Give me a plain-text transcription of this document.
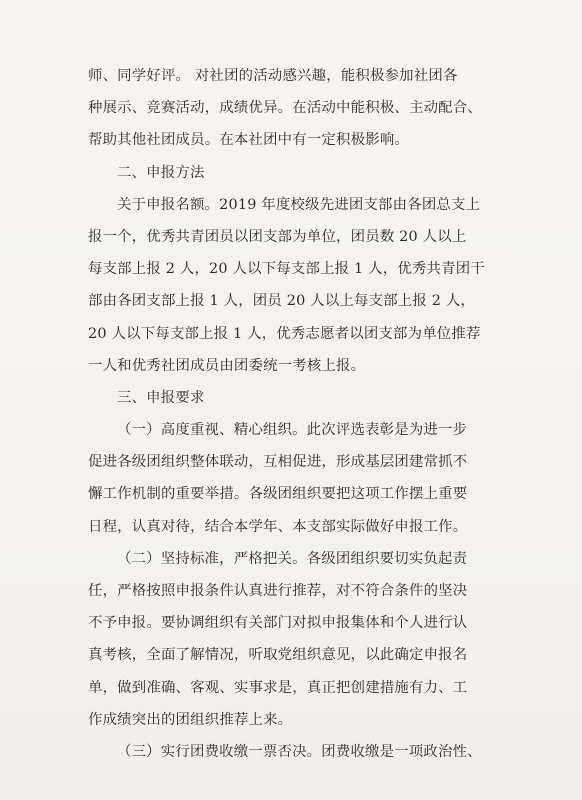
师、同学好评。 对社团的活动感兴趣，能积极参加社团各
种展示、竞赛活动，成绩优异。在活动中能积极、主动配合、
帮助其他社团成员。在本社团中有一定积极影响。
二、申报方法
关于申报名额。2019 年度校级先进团支部由各团总支上
报一个，优秀共青团员以团支部为单位，团员数 20 人以上
每支部上报 2 人，20 人以下每支部上报 1 人，优秀共青团干
部由各团支部上报 1 人，团员 20 人以上每支部上报 2 人，
20 人以下每支部上报 1 人，优秀志愿者以团支部为单位推荐
一人和优秀社团成员由团委统一考核上报。
三、申报要求
（一）高度重视、精心组织。此次评选表彰是为进一步
促进各级团组织整体联动，互相促进，形成基层团建常抓不
懈工作机制的重要举措。各级团组织要把这项工作摆上重要
日程，认真对待，结合本学年、本支部实际做好申报工作。
（二）坚持标准，严格把关。各级团组织要切实负起责
任，严格按照申报条件认真进行推荐，对不符合条件的坚决
不予申报。要协调组织有关部门对拟申报集体和个人进行认
真考核，全面了解情况，听取党组织意见，以此确定申报名
单，做到准确、客观、实事求是，真正把创建措施有力、工
作成绩突出的团组织推荐上来。
（三）实行团费收缴一票否决。团费收缴是一项政治性、
